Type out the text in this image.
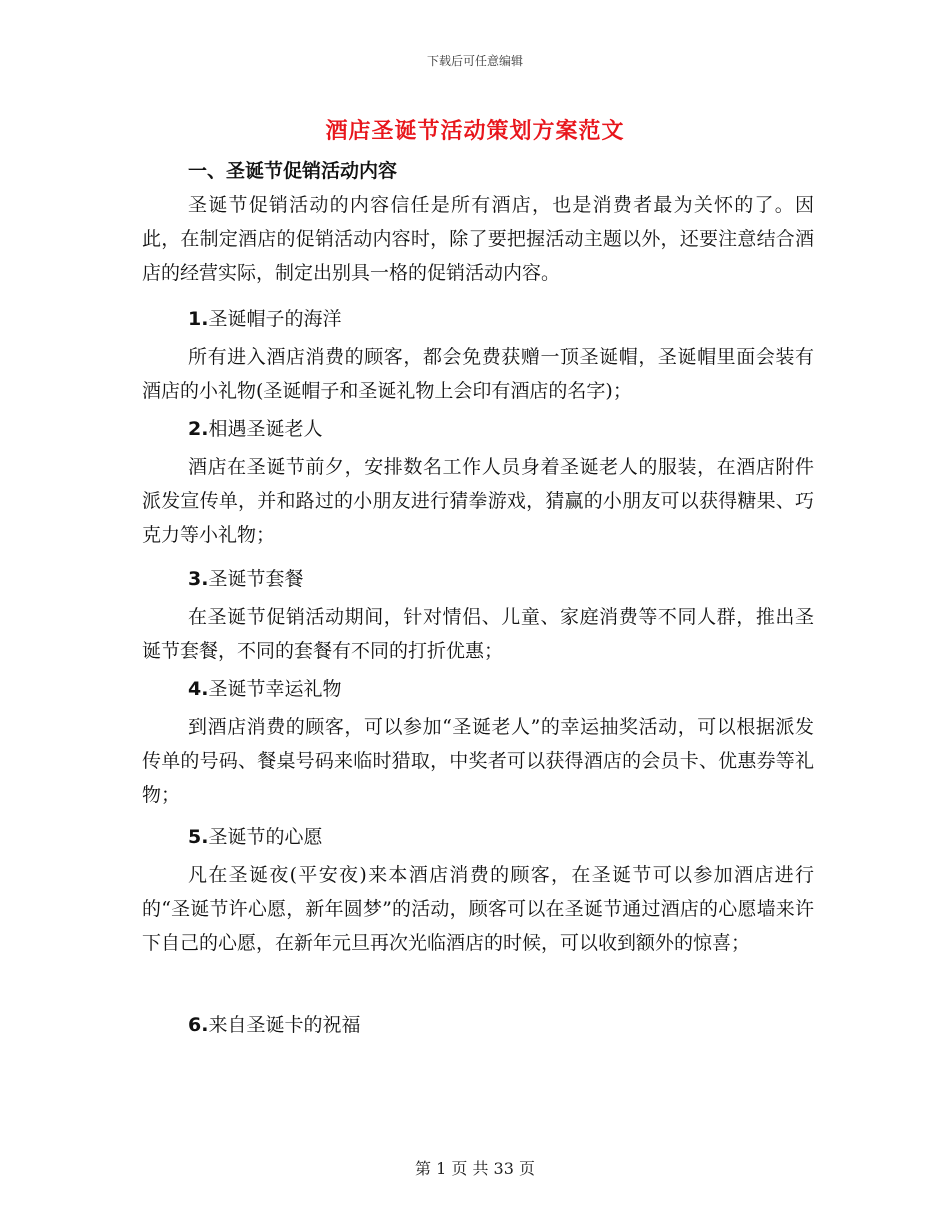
下载后可任意编辑
酒店圣诞节活动策划方案范文
一、圣诞节促销活动内容

圣诞节促销活动的内容信任是所有酒店，也是消费者最为关怀的了。因此，在制定酒店的促销活动内容时，除了要把握活动主题以外，还要注意结合酒店的经营实际，制定出别具一格的促销活动内容。

1.圣诞帽子的海洋

所有进入酒店消费的顾客，都会免费获赠一顶圣诞帽，圣诞帽里面会装有酒店的小礼物(圣诞帽子和圣诞礼物上会印有酒店的名字)；

2.相遇圣诞老人

酒店在圣诞节前夕，安排数名工作人员身着圣诞老人的服装，在酒店附件派发宣传单，并和路过的小朋友进行猜拳游戏，猜赢的小朋友可以获得糖果、巧克力等小礼物；

3.圣诞节套餐

在圣诞节促销活动期间，针对情侣、儿童、家庭消费等不同人群，推出圣诞节套餐，不同的套餐有不同的打折优惠；

4.圣诞节幸运礼物

到酒店消费的顾客，可以参加“圣诞老人”的幸运抽奖活动，可以根据派发传单的号码、餐桌号码来临时猎取，中奖者可以获得酒店的会员卡、优惠券等礼物；

5.圣诞节的心愿

凡在圣诞夜(平安夜)来本酒店消费的顾客，在圣诞节可以参加酒店进行的“圣诞节许心愿，新年圆梦”的活动，顾客可以在圣诞节通过酒店的心愿墙来许下自己的心愿，在新年元旦再次光临酒店的时候，可以收到额外的惊喜；

6.来自圣诞卡的祝福
第 1 页 共 33 页
